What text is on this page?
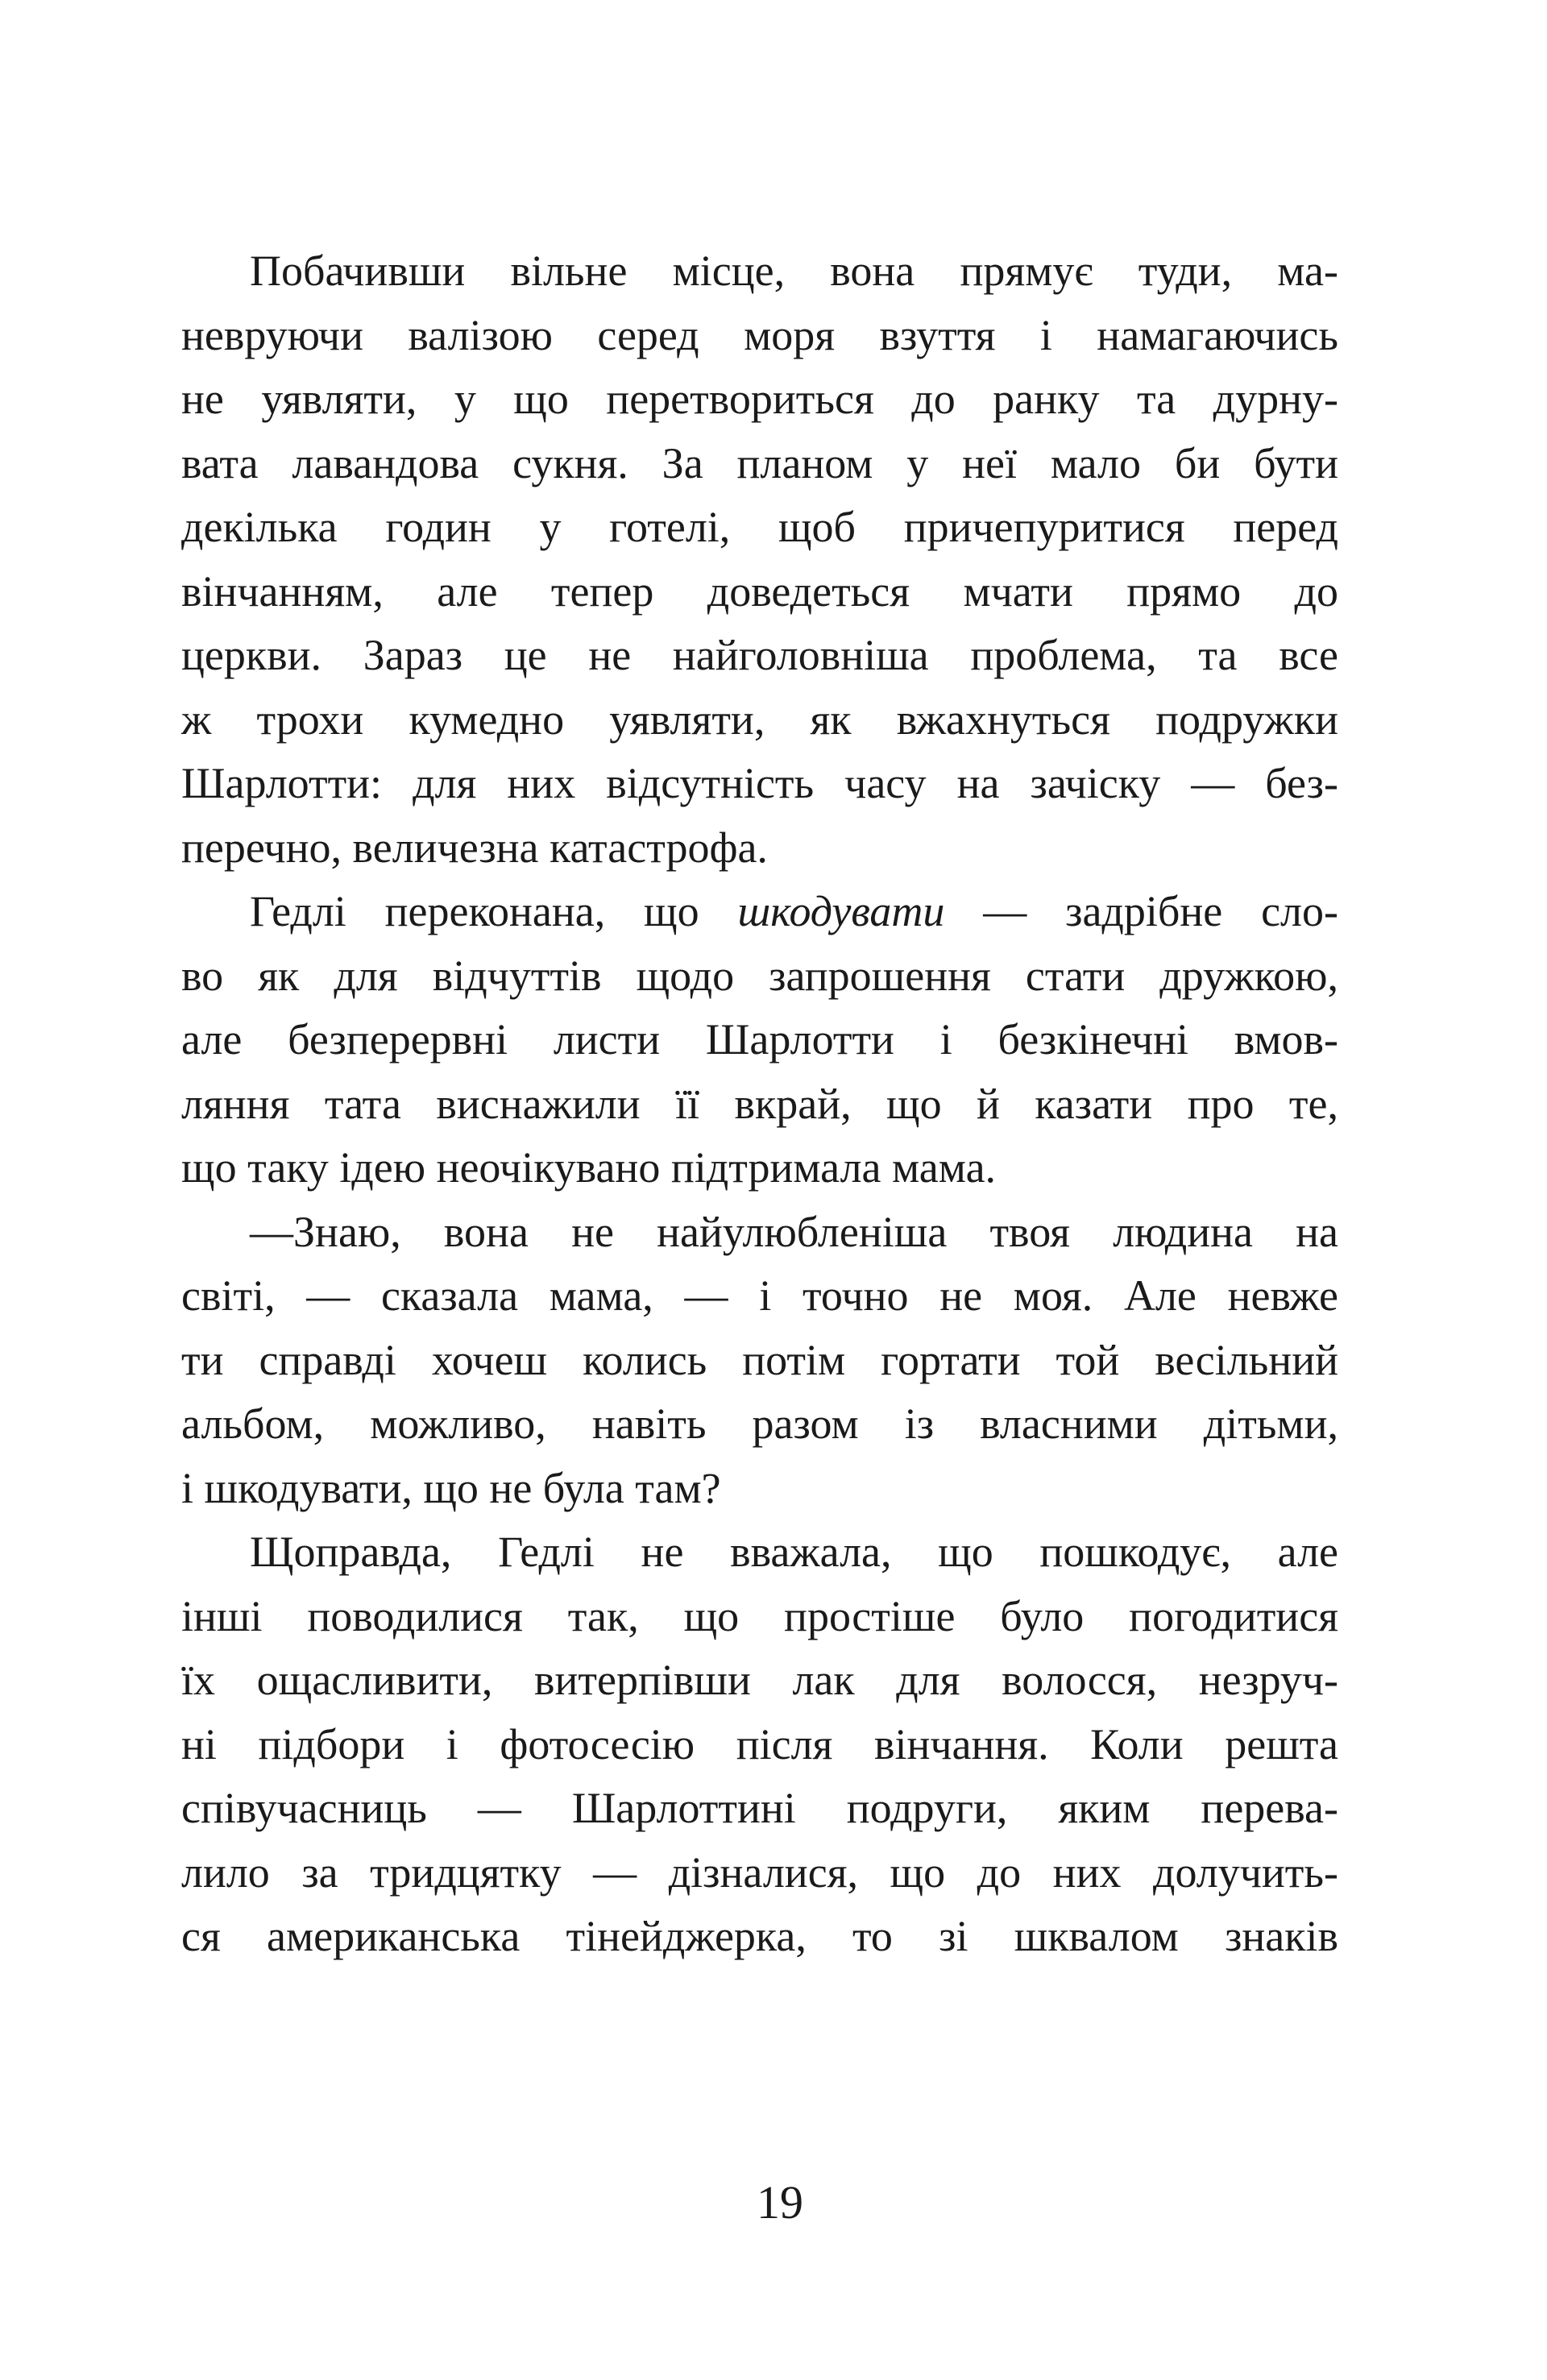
Побачивши вільне місце, вона прямує туди, ма-
невруючи валізою серед моря взуття і намагаючись
не уявляти, у що перетвориться до ранку та дурну-
вата лавандова сукня. За планом у неї мало би бути
декілька годин у готелі, щоб причепуритися перед
вінчанням, але тепер доведеться мчати прямо до
церкви. Зараз це не найголовніша проблема, та все
ж трохи кумедно уявляти, як вжахнуться подружки
Шарлотти: для них відсутність часу на зачіску — без-
перечно, величезна катастрофа.
Гедлі переконана, що шкодувати — задрібне сло-
во як для відчуттів щодо запрошення стати дружкою,
але безперервні листи Шарлотти і безкінечні вмов-
ляння тата виснажили її вкрай, що й казати про те,
що таку ідею неочікувано підтримала мама.
—Знаю, вона не найулюбленіша твоя людина на
світі, — сказала мама, — і точно не моя. Але невже
ти справді хочеш колись потім гортати той весільний
альбом, можливо, навіть разом із власними дітьми,
і шкодувати, що не була там?
Щоправда, Гедлі не вважала, що пошкодує, але
інші поводилися так, що простіше було погодитися
їх ощасливити, витерпівши лак для волосся, незруч-
ні підбори і фотосесію після вінчання. Коли решта
співучасниць — Шарлоттині подруги, яким перева-
лило за тридцятку — дізналися, що до них долучить-
ся американська тінейджерка, то зі шквалом знаків
19
